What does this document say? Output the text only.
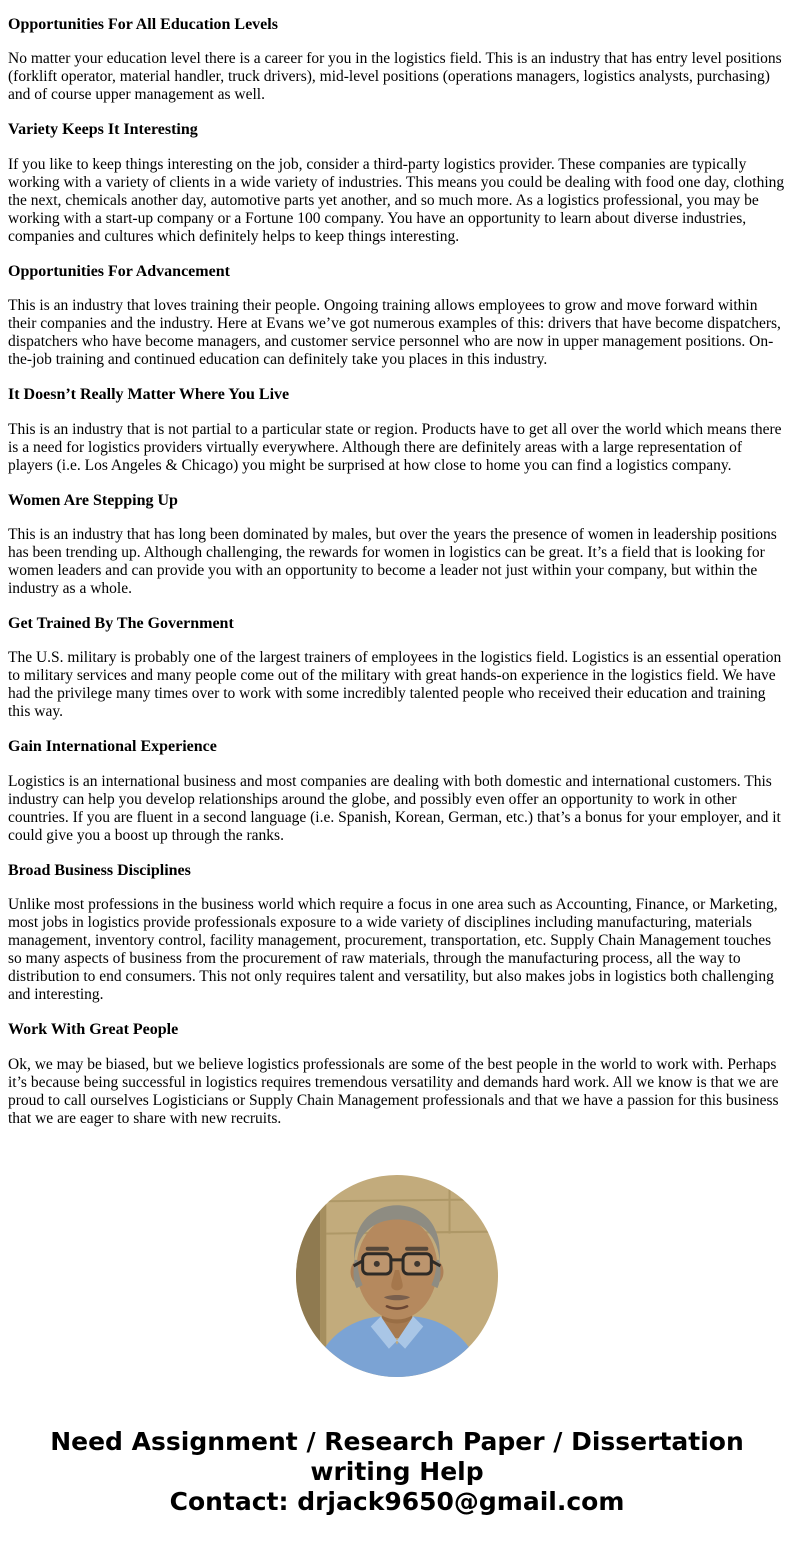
Opportunities For All Education Levels

No matter your education level there is a career for you in the logistics field. This is an industry that has entry level positions (forklift operator, material handler, truck drivers), mid-level positions (operations managers, logistics analysts, purchasing) and of course upper management as well.

Variety Keeps It Interesting

If you like to keep things interesting on the job, consider a third-party logistics provider. These companies are typically working with a variety of clients in a wide variety of industries. This means you could be dealing with food one day, clothing the next, chemicals another day, automotive parts yet another, and so much more. As a logistics professional, you may be working with a start-up company or a Fortune 100 company. You have an opportunity to learn about diverse industries, companies and cultures which definitely helps to keep things interesting.

Opportunities For Advancement

This is an industry that loves training their people. Ongoing training allows employees to grow and move forward within their companies and the industry. Here at Evans we’ve got numerous examples of this: drivers that have become dispatchers, dispatchers who have become managers, and customer service personnel who are now in upper management positions. On-the-job training and continued education can definitely take you places in this industry.

It Doesn’t Really Matter Where You Live

This is an industry that is not partial to a particular state or region. Products have to get all over the world which means there is a need for logistics providers virtually everywhere. Although there are definitely areas with a large representation of players (i.e. Los Angeles & Chicago) you might be surprised at how close to home you can find a logistics company.

Women Are Stepping Up

This is an industry that has long been dominated by males, but over the years the presence of women in leadership positions has been trending up. Although challenging, the rewards for women in logistics can be great. It’s a field that is looking for women leaders and can provide you with an opportunity to become a leader not just within your company, but within the industry as a whole.

Get Trained By The Government

The U.S. military is probably one of the largest trainers of employees in the logistics field. Logistics is an essential operation to military services and many people come out of the military with great hands-on experience in the logistics field. We have had the privilege many times over to work with some incredibly talented people who received their education and training this way.

Gain International Experience

Logistics is an international business and most companies are dealing with both domestic and international customers. This industry can help you develop relationships around the globe, and possibly even offer an opportunity to work in other countries. If you are fluent in a second language (i.e. Spanish, Korean, German, etc.) that’s a bonus for your employer, and it could give you a boost up through the ranks.

Broad Business Disciplines

Unlike most professions in the business world which require a focus in one area such as Accounting, Finance, or Marketing, most jobs in logistics provide professionals exposure to a wide variety of disciplines including manufacturing, materials management, inventory control, facility management, procurement, transportation, etc. Supply Chain Management touches so many aspects of business from the procurement of raw materials, through the manufacturing process, all the way to distribution to end consumers. This not only requires talent and versatility, but also makes jobs in logistics both challenging and interesting.

Work With Great People

Ok, we may be biased, but we believe logistics professionals are some of the best people in the world to work with. Perhaps it’s because being successful in logistics requires tremendous versatility and demands hard work. All we know is that we are proud to call ourselves Logisticians or Supply Chain Management professionals and that we have a passion for this business that we are eager to share with new recruits.

Need Assignment / Research Paper / Dissertation
writing Help
Contact: drjack9650@gmail.com
